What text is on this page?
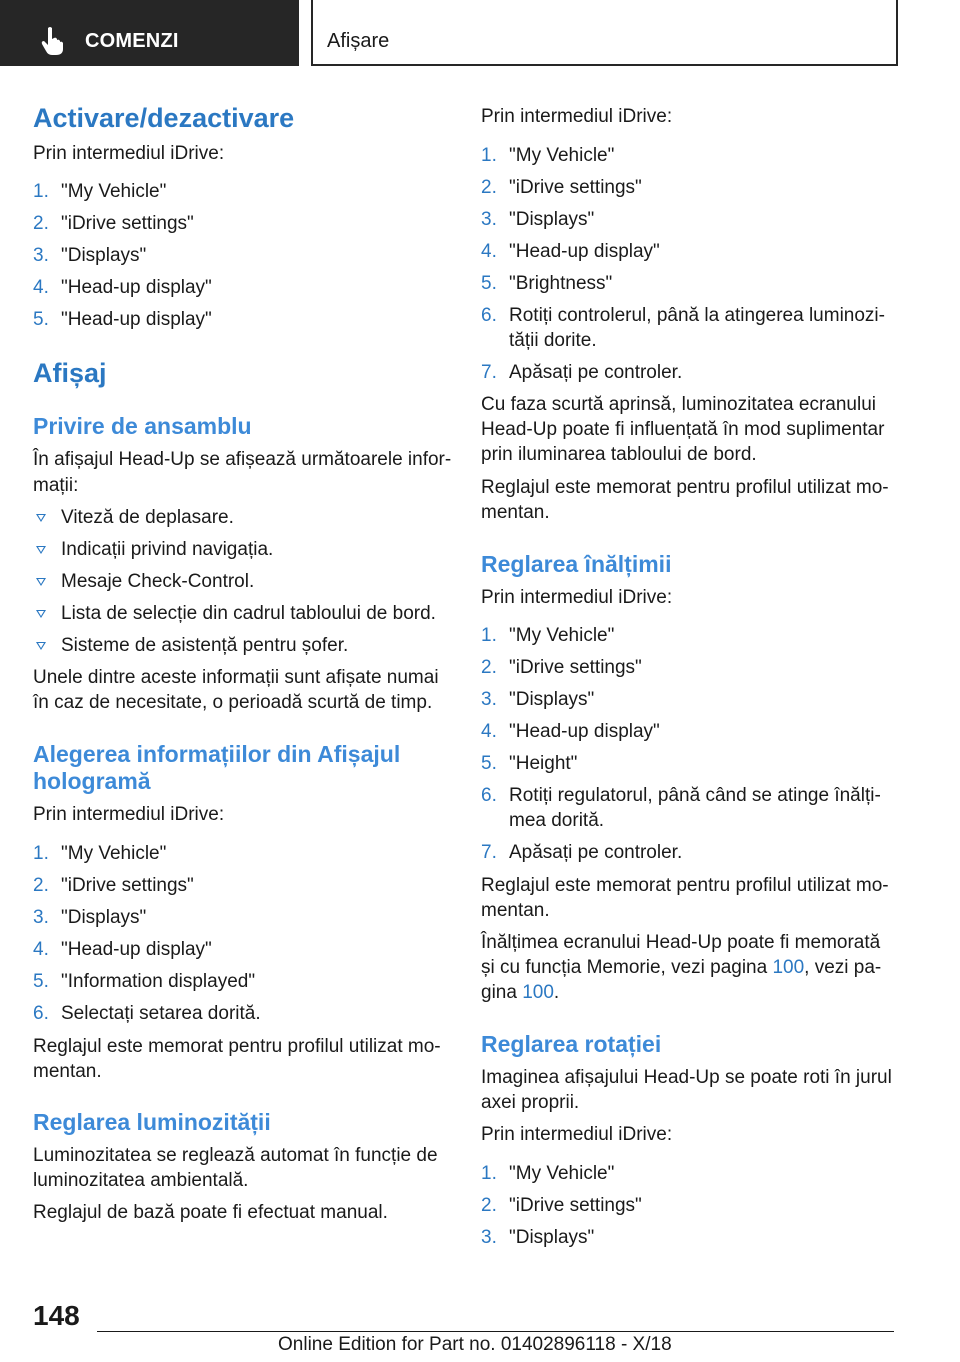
COMENZI	Afișare
Activare/dezactivare
Prin intermediul iDrive:
1. "My Vehicle"
2. "iDrive settings"
3. "Displays"
4. "Head-up display"
5. "Head-up display"
Afișaj
Privire de ansamblu
În afișajul Head-Up se afișează următoarele infor‐
mații:
Viteză de deplasare.
Indicații privind navigația.
Mesaje Check-Control.
Lista de selecție din cadrul tabloului de bord.
Sisteme de asistență pentru șofer.
Unele dintre aceste informații sunt afișate numai
în caz de necesitate, o perioadă scurtă de timp.
Alegerea informațiilor din Afișajul
hologramă
Prin intermediul iDrive:
1. "My Vehicle"
2. "iDrive settings"
3. "Displays"
4. "Head-up display"
5. "Information displayed"
6. Selectați setarea dorită.
Reglajul este memorat pentru profilul utilizat mo‐
mentan.
Reglarea luminozității
Luminozitatea se reglează automat în funcție de
luminozitatea ambientală.
Reglajul de bază poate fi efectuat manual.
Prin intermediul iDrive:
1. "My Vehicle"
2. "iDrive settings"
3. "Displays"
4. "Head-up display"
5. "Brightness"
6. Rotiți controlerul, până la atingerea luminozi‐
tății dorite.
7. Apăsați pe controler.
Cu faza scurtă aprinsă, luminozitatea ecranului
Head-Up poate fi influențată în mod suplimentar
prin iluminarea tabloului de bord.
Reglajul este memorat pentru profilul utilizat mo‐
mentan.
Reglarea înălțimii
Prin intermediul iDrive:
1. "My Vehicle"
2. "iDrive settings"
3. "Displays"
4. "Head-up display"
5. "Height"
6. Rotiți regulatorul, până când se atinge înălți‐
mea dorită.
7. Apăsați pe controler.
Reglajul este memorat pentru profilul utilizat mo‐
mentan.
Înălțimea ecranului Head-Up poate fi memorată
și cu funcția Memorie, vezi pagina 100, vezi pa‐
gina 100.
Reglarea rotației
Imaginea afișajului Head-Up se poate roti în jurul
axei proprii.
Prin intermediul iDrive:
1. "My Vehicle"
2. "iDrive settings"
3. "Displays"
148
Online Edition for Part no. 01402896118 - X/18
